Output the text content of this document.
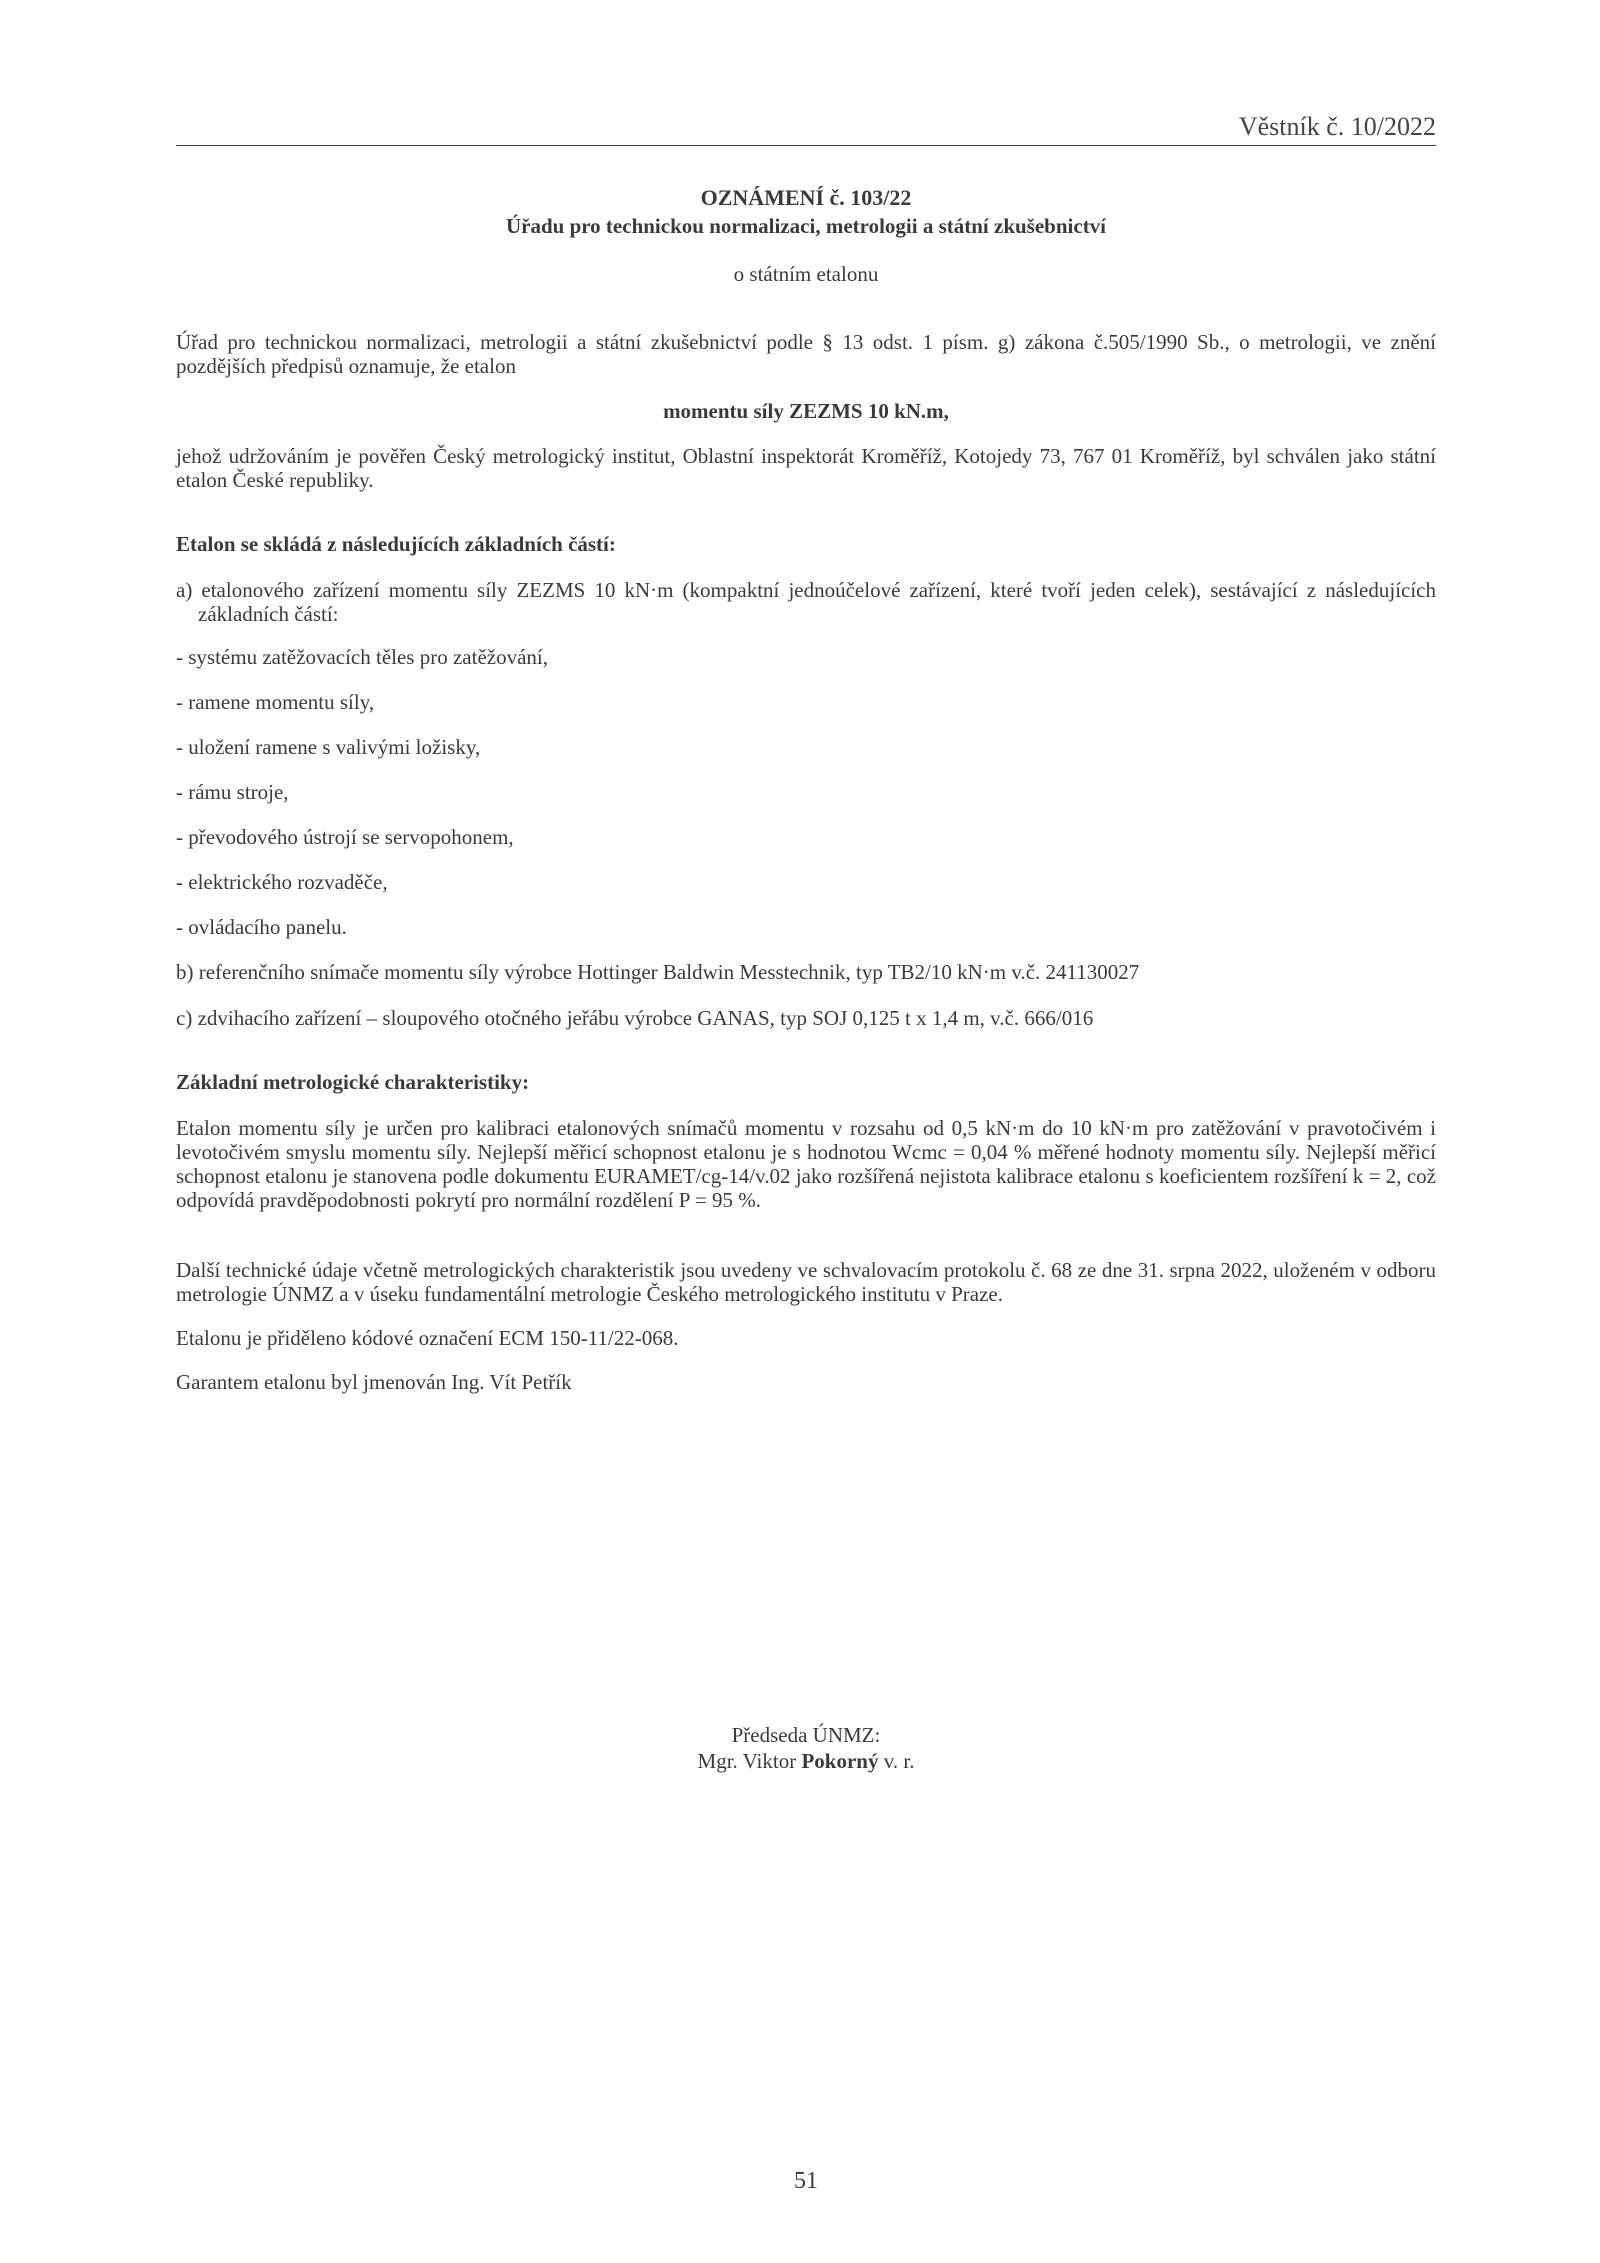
Věstník č. 10/2022
OZNÁMENÍ č. 103/22
Úřadu pro technickou normalizaci, metrologii a státní zkušebnictví
o státním etalonu

Úřad pro technickou normalizaci, metrologii a státní zkušebnictví podle § 13 odst. 1 písm. g) zákona č.505/1990 Sb., o metrologii, ve znění pozdějších předpisů oznamuje, že etalon

momentu síly ZEZMS 10 kN.m,

jehož udržováním je pověřen Český metrologický institut, Oblastní inspektorát Kroměříž, Kotojedy 73, 767 01 Kroměříž, byl schválen jako státní etalon České republiky.

Etalon se skládá z následujících základních částí:

a) etalonového zařízení momentu síly ZEZMS 10 kN·m (kompaktní jednoúčelové zařízení, které tvoří jeden celek), sestávající z následujících základních částí:

- systému zatěžovacích těles pro zatěžování,

- ramene momentu síly,

- uložení ramene s valivými ložisky,

- rámu stroje,

- převodového ústrojí se servopohonem,

- elektrického rozvaděče,

- ovládacího panelu.

b) referenčního snímače momentu síly výrobce Hottinger Baldwin Messtechnik, typ TB2/10 kN·m v.č. 241130027

c) zdvihacího zařízení – sloupového otočného jeřábu výrobce GANAS, typ SOJ 0,125 t x 1,4 m, v.č. 666/016

Základní metrologické charakteristiky:

Etalon momentu síly je určen pro kalibraci etalonových snímačů momentu v rozsahu od 0,5 kN·m do 10 kN·m pro zatěžování v pravotočivém i levotočivém smyslu momentu síly. Nejlepší měřicí schopnost etalonu je s hodnotou Wcmc = 0,04 % měřené hodnoty momentu síly. Nejlepší měřicí schopnost etalonu je stanovena podle dokumentu EURAMET/cg-14/v.02 jako rozšířená nejistota kalibrace etalonu s koeficientem rozšíření k = 2, což odpovídá pravděpodobnosti pokrytí pro normální rozdělení P = 95 %.

Další technické údaje včetně metrologických charakteristik jsou uvedeny ve schvalovacím protokolu č. 68 ze dne 31. srpna 2022, uloženém v odboru metrologie ÚNMZ a v úseku fundamentální metrologie Českého metrologického institutu v Praze.

Etalonu je přiděleno kódové označení ECM 150-11/22-068.

Garantem etalonu byl jmenován Ing. Vít Petřík

Předseda ÚNMZ:
Mgr. Viktor Pokorný v. r.
51
